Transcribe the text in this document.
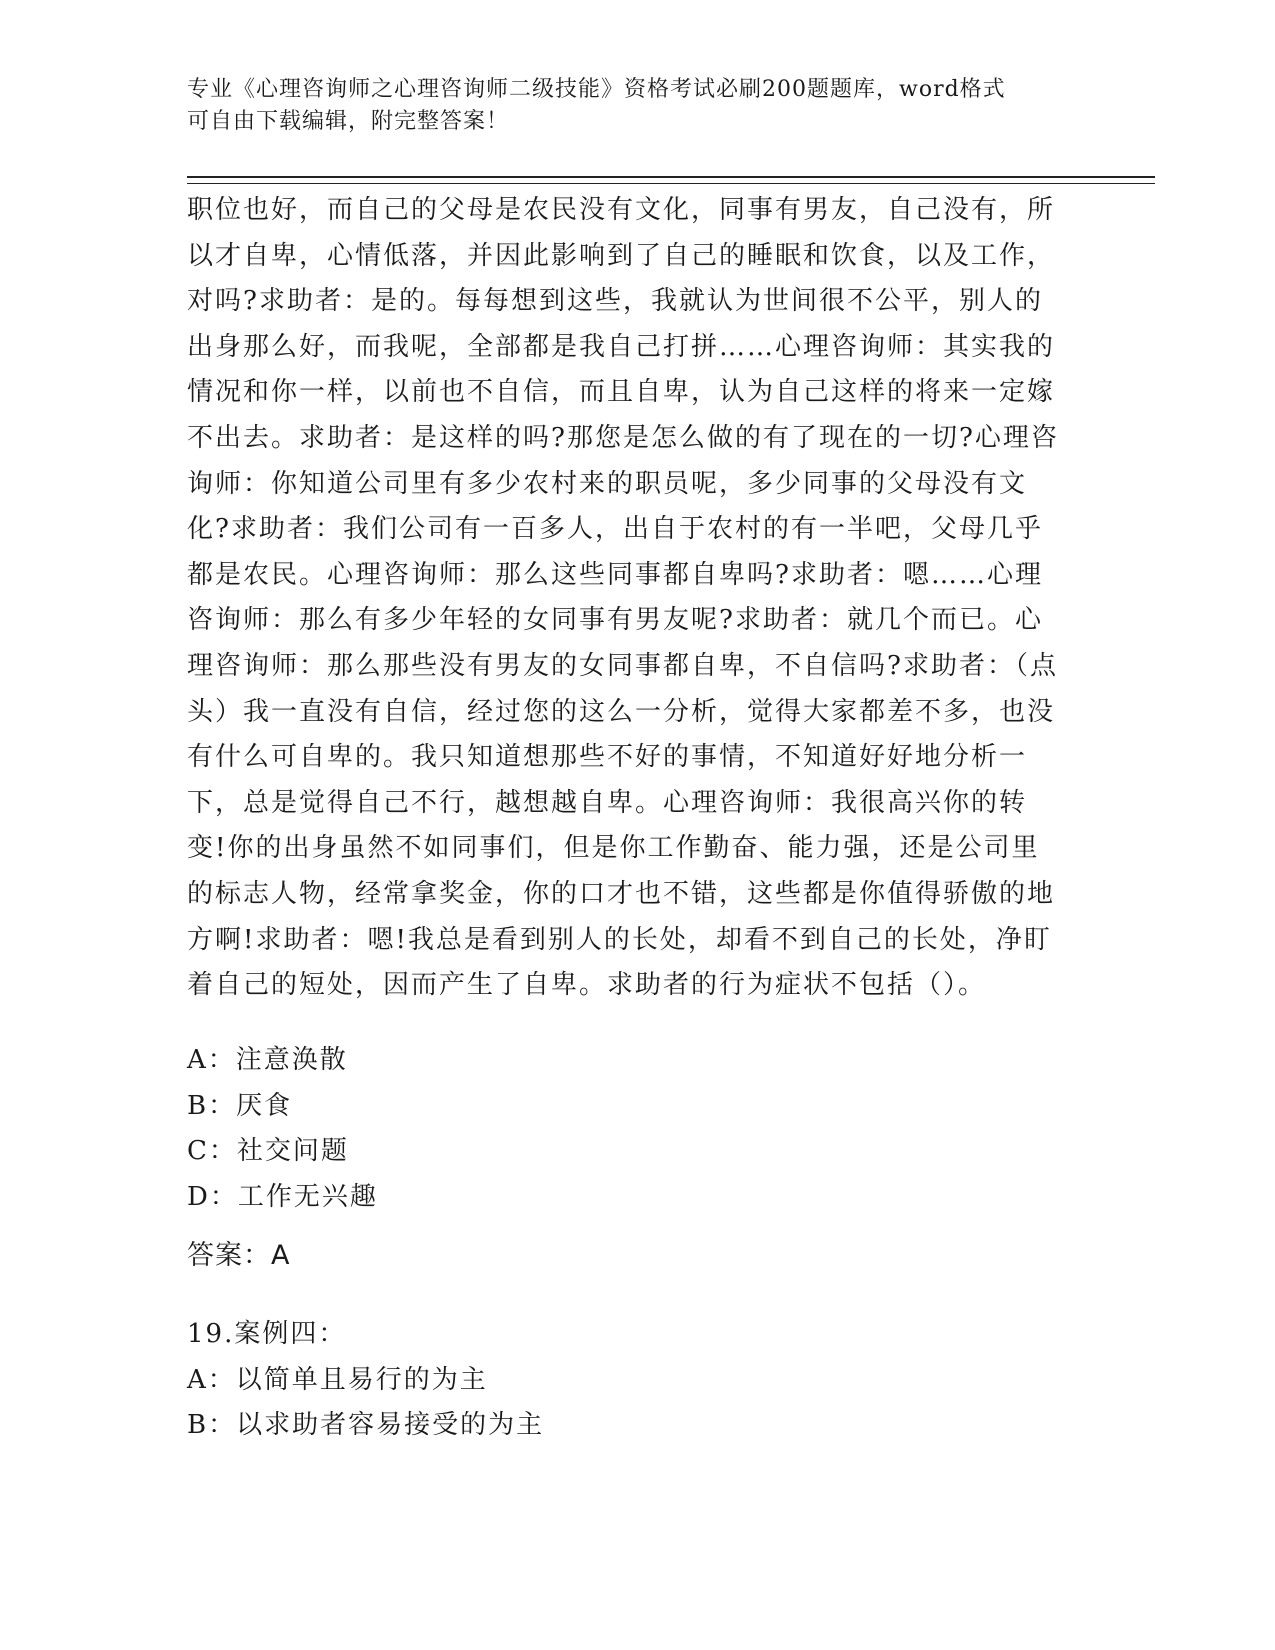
专业《心理咨询师之心理咨询师二级技能》资格考试必刷200题题库，word格式
可自由下载编辑，附完整答案！
职位也好，而自己的父母是农民没有文化，同事有男友，自己没有，所以才自卑，心情低落，并因此影响到了自己的睡眠和饮食，以及工作，对吗?求助者：是的。每每想到这些，我就认为世间很不公平，别人的出身那么好，而我呢，全部都是我自己打拼……心理咨询师：其实我的情况和你一样，以前也不自信，而且自卑，认为自己这样的将来一定嫁不出去。求助者：是这样的吗?那您是怎么做的有了现在的一切?心理咨询师：你知道公司里有多少农村来的职员呢，多少同事的父母没有文化?求助者：我们公司有一百多人，出自于农村的有一半吧，父母几乎都是农民。心理咨询师：那么这些同事都自卑吗?求助者：嗯……心理咨询师：那么有多少年轻的女同事有男友呢?求助者：就几个而已。心理咨询师：那么那些没有男友的女同事都自卑，不自信吗?求助者：（点头）我一直没有自信，经过您的这么一分析，觉得大家都差不多，也没有什么可自卑的。我只知道想那些不好的事情，不知道好好地分析一下，总是觉得自己不行，越想越自卑。心理咨询师：我很高兴你的转变!你的出身虽然不如同事们，但是你工作勤奋、能力强，还是公司里的标志人物，经常拿奖金，你的口才也不错，这些都是你值得骄傲的地方啊!求助者：嗯!我总是看到别人的长处，却看不到自己的长处，净盯着自己的短处，因而产生了自卑。求助者的行为症状不包括（）。
A：注意涣散
B：厌食
C：社交问题
D：工作无兴趣
答案：A
19.案例四：
A：以简单且易行的为主
B：以求助者容易接受的为主
